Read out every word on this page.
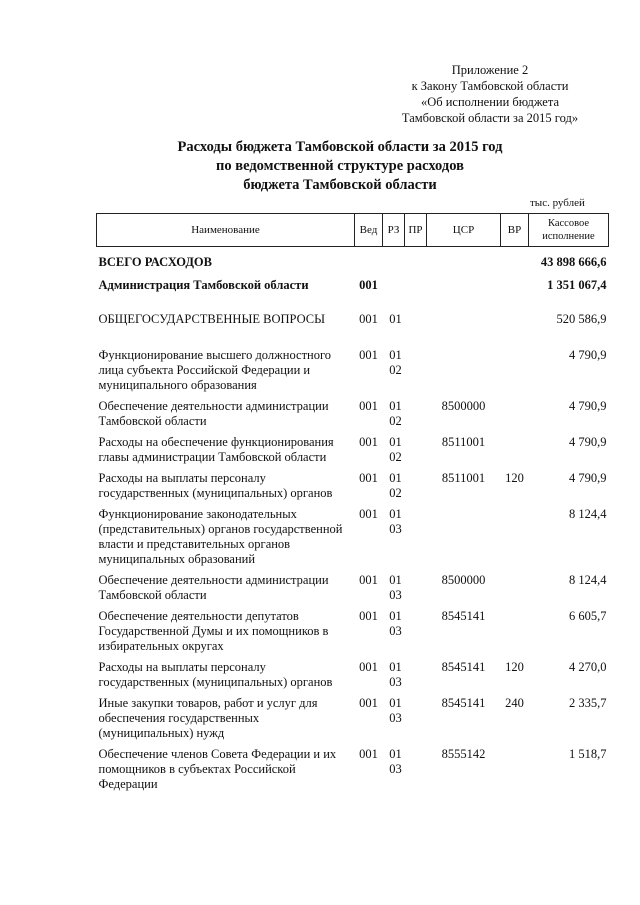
Приложение 2
к Закону Тамбовской области
«Об исполнении бюджета
Тамбовской области за 2015 год»
Расходы бюджета Тамбовской области за 2015 год
по ведомственной структуре расходов
бюджета Тамбовской области
тыс. рублей
Наименование	Вед	РЗ ПР	ЦСР	ВР	Кассовое исполнение

ВСЕГО РАСХОДОВ					43 898 666,6
Администрация Тамбовской области	001				1 351 067,4
ОБЩЕГОСУДАРСТВЕННЫЕ ВОПРОСЫ	001	01			520 586,9
Функционирование высшего должностного лица субъекта Российской Федерации и муниципального образования	001	0102			4 790,9
Обеспечение деятельности администрации Тамбовской области	001	0102	8500000		4 790,9
Расходы на обеспечение функционирования главы администрации Тамбовской области	001	0102	8511001		4 790,9
Расходы на выплаты персоналу государственных (муниципальных) органов	001	0102	8511001	120	4 790,9
Функционирование законодательных (представительных) органов государственной власти и представительных органов муниципальных образований	001	0103			8 124,4
Обеспечение деятельности администрации Тамбовской области	001	0103	8500000		8 124,4
Обеспечение деятельности депутатов Государственной Думы и их помощников в избирательных округах	001	0103	8545141		6 605,7
Расходы на выплаты персоналу государственных (муниципальных) органов	001	0103	8545141	120	4 270,0
Иные закупки товаров, работ и услуг для обеспечения государственных (муниципальных) нужд	001	0103	8545141	240	2 335,7
Обеспечение членов Совета Федерации и их помощников в субъектах Российской Федерации	001	0103	8555142		1 518,7
